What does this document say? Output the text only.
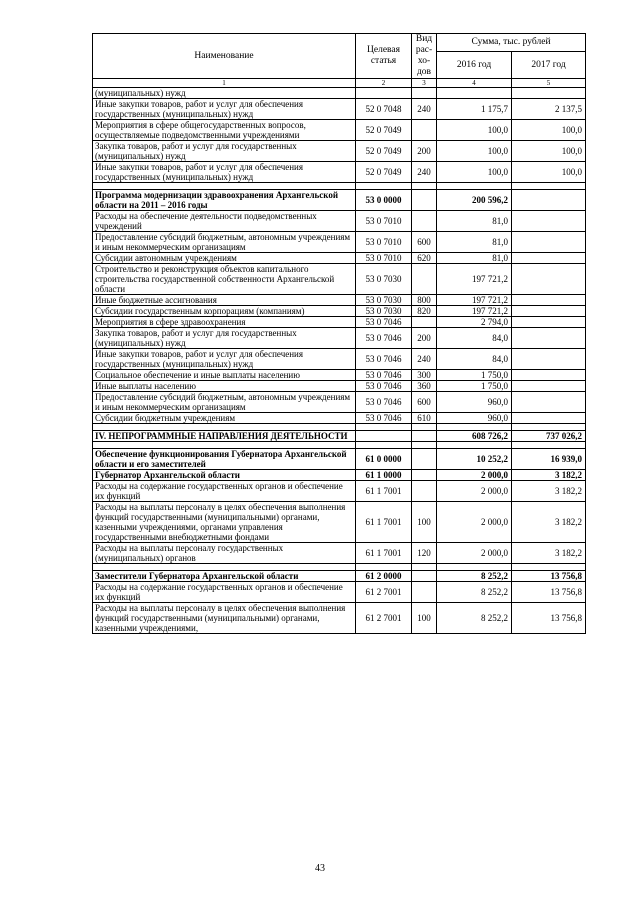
Наименование	Целевая статья	Вид рас-хо-дов	Сумма, тыс. рублей	
			2016 год	2017 год
1	2	3	4	5
(муниципальных) нужд				
Иные закупки товаров, работ и услуг для обеспечения государственных (муниципальных) нужд	52 0 7048	240	1 175,7	2 137,5
Мероприятия в сфере общегосударственных вопросов, осуществляемые подведомственными учреждениями	52 0 7049		100,0	100,0
Закупка товаров, работ и услуг для государственных (муниципальных) нужд	52 0 7049	200	100,0	100,0
Иные закупки товаров, работ и услуг для обеспечения государственных (муниципальных) нужд	52 0 7049	240	100,0	100,0

Программа модернизации здравоохранения Архангельской области на 2011 – 2016 годы	53 0 0000		200 596,2	
Расходы на обеспечение деятельности подведомственных учреждений	53 0 7010		81,0	
Предоставление субсидий бюджетным, автономным учреждениям и иным некоммерческим организациям	53 0 7010	600	81,0	
Субсидии автономным учреждениям	53 0 7010	620	81,0	
Строительство и реконструкция объектов капитального строительства государственной собственности Архангельской области	53 0 7030		197 721,2	
Иные бюджетные ассигнования	53 0 7030	800	197 721,2	
Субсидии государственным корпорациям (компаниям)	53 0 7030	820	197 721,2	
Мероприятия в сфере здравоохранения	53 0 7046		2 794,0	
Закупка товаров, работ и услуг для государственных (муниципальных) нужд	53 0 7046	200	84,0	
Иные закупки товаров, работ и услуг для обеспечения государственных (муниципальных) нужд	53 0 7046	240	84,0	
Социальное обеспечение и иные выплаты населению	53 0 7046	300	1 750,0	
Иные выплаты населению	53 0 7046	360	1 750,0	
Предоставление субсидий бюджетным, автономным учреждениям и иным некоммерческим организациям	53 0 7046	600	960,0	
Субсидии бюджетным учреждениям	53 0 7046	610	960,0	

IV. НЕПРОГРАММНЫЕ НАПРАВЛЕНИЯ ДЕЯТЕЛЬНОСТИ			608 726,2	737 026,2

Обеспечение функционирования Губернатора Архангельской области и его заместителей	61 0 0000		10 252,2	16 939,0
Губернатор Архангельской области	61 1 0000		2 000,0	3 182,2
Расходы на содержание государственных органов и обеспечение их функций	61 1 7001		2 000,0	3 182,2
Расходы на выплаты персоналу в целях обеспечения выполнения функций государственными (муниципальными) органами, казенными учреждениями, органами управления государственными внебюджетными фондами	61 1 7001	100	2 000,0	3 182,2
Расходы на выплаты персоналу государственных (муниципальных) органов	61 1 7001	120	2 000,0	3 182,2

Заместители Губернатора Архангельской области	61 2 0000		8 252,2	13 756,8
Расходы на содержание государственных органов и обеспечение их функций	61 2 7001		8 252,2	13 756,8
Расходы на выплаты персоналу в целях обеспечения выполнения функций государственными (муниципальными) органами, казенными учреждениями,	61 2 7001	100	8 252,2	13 756,8
43
